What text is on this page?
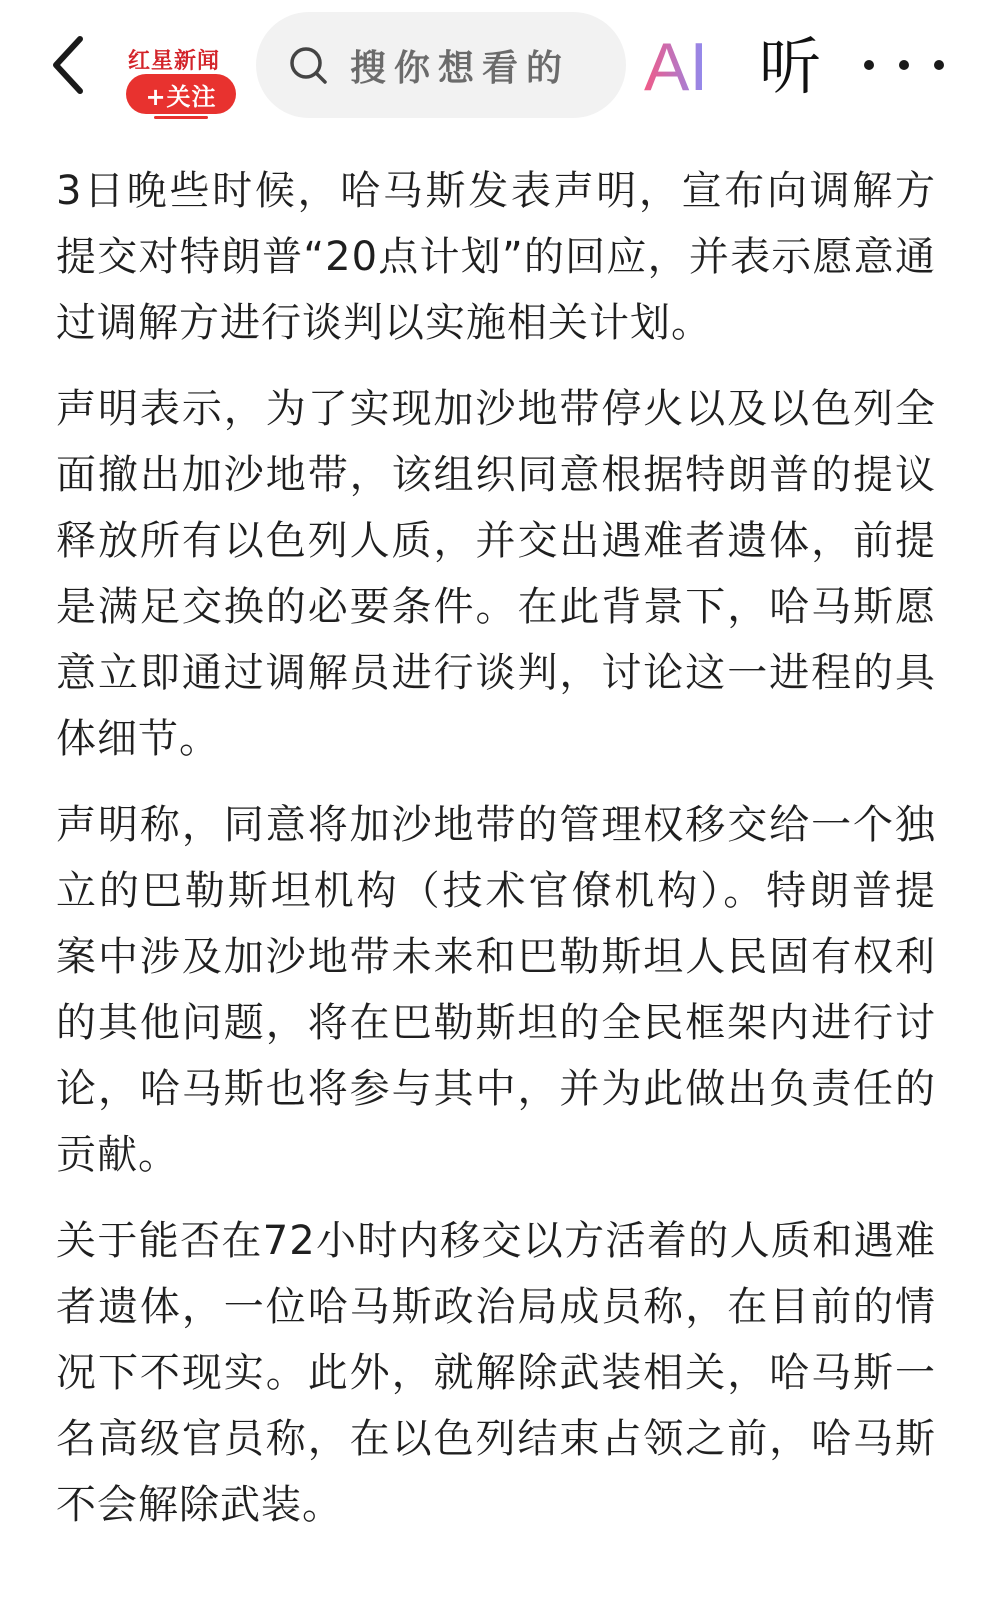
红星新闻
+关注
搜你想看的 AI 听

3日晚些时候，哈马斯发表声明，宣布向调解方提交对特朗普“20点计划”的回应，并表示愿意通过调解方进行谈判以实施相关计划。

声明表示，为了实现加沙地带停火以及以色列全面撤出加沙地带，该组织同意根据特朗普的提议释放所有以色列人质，并交出遇难者遗体，前提是满足交换的必要条件。在此背景下，哈马斯愿意立即通过调解员进行谈判，讨论这一进程的具体细节。

声明称，同意将加沙地带的管理权移交给一个独立的巴勒斯坦机构（技术官僚机构）。特朗普提案中涉及加沙地带未来和巴勒斯坦人民固有权利的其他问题，将在巴勒斯坦的全民框架内进行讨论，哈马斯也将参与其中，并为此做出负责任的贡献。

关于能否在72小时内移交以方活着的人质和遇难者遗体，一位哈马斯政治局成员称，在目前的情况下不现实。此外，就解除武装相关，哈马斯一名高级官员称，在以色列结束占领之前，哈马斯不会解除武装。
